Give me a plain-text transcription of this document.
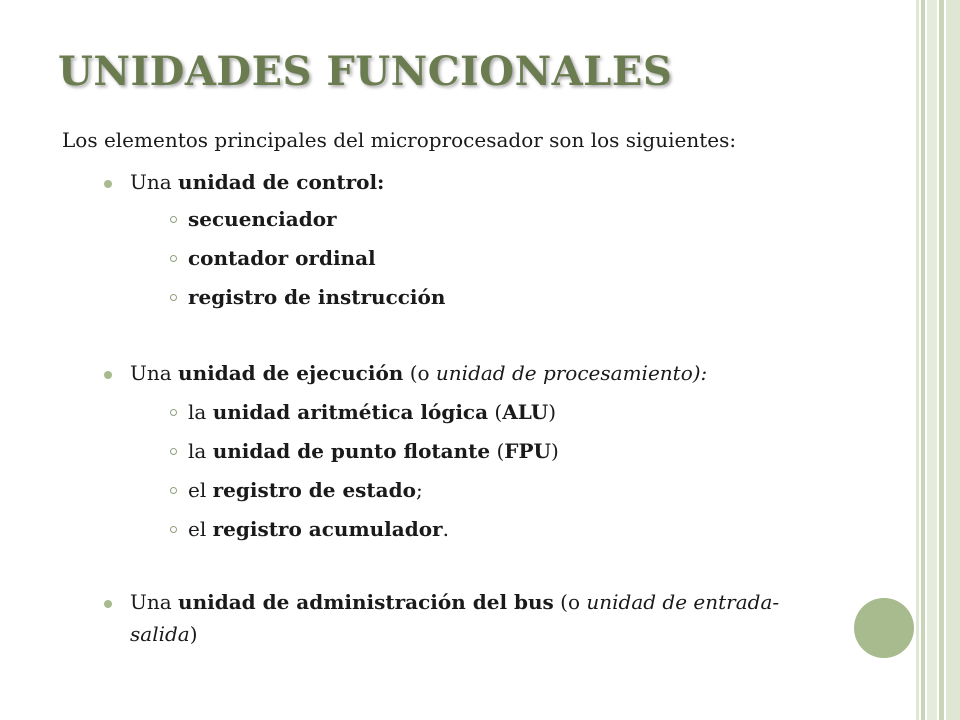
UNIDADES FUNCIONALES
Los elementos principales del microprocesador son los siguientes:
Una unidad de control:
secuenciador
contador ordinal
registro de instrucción
Una unidad de ejecución (o unidad de procesamiento):
la unidad aritmética lógica (ALU)
la unidad de punto flotante (FPU)
el registro de estado;
el registro acumulador.
Una unidad de administración del bus (o unidad de entrada-salida)
